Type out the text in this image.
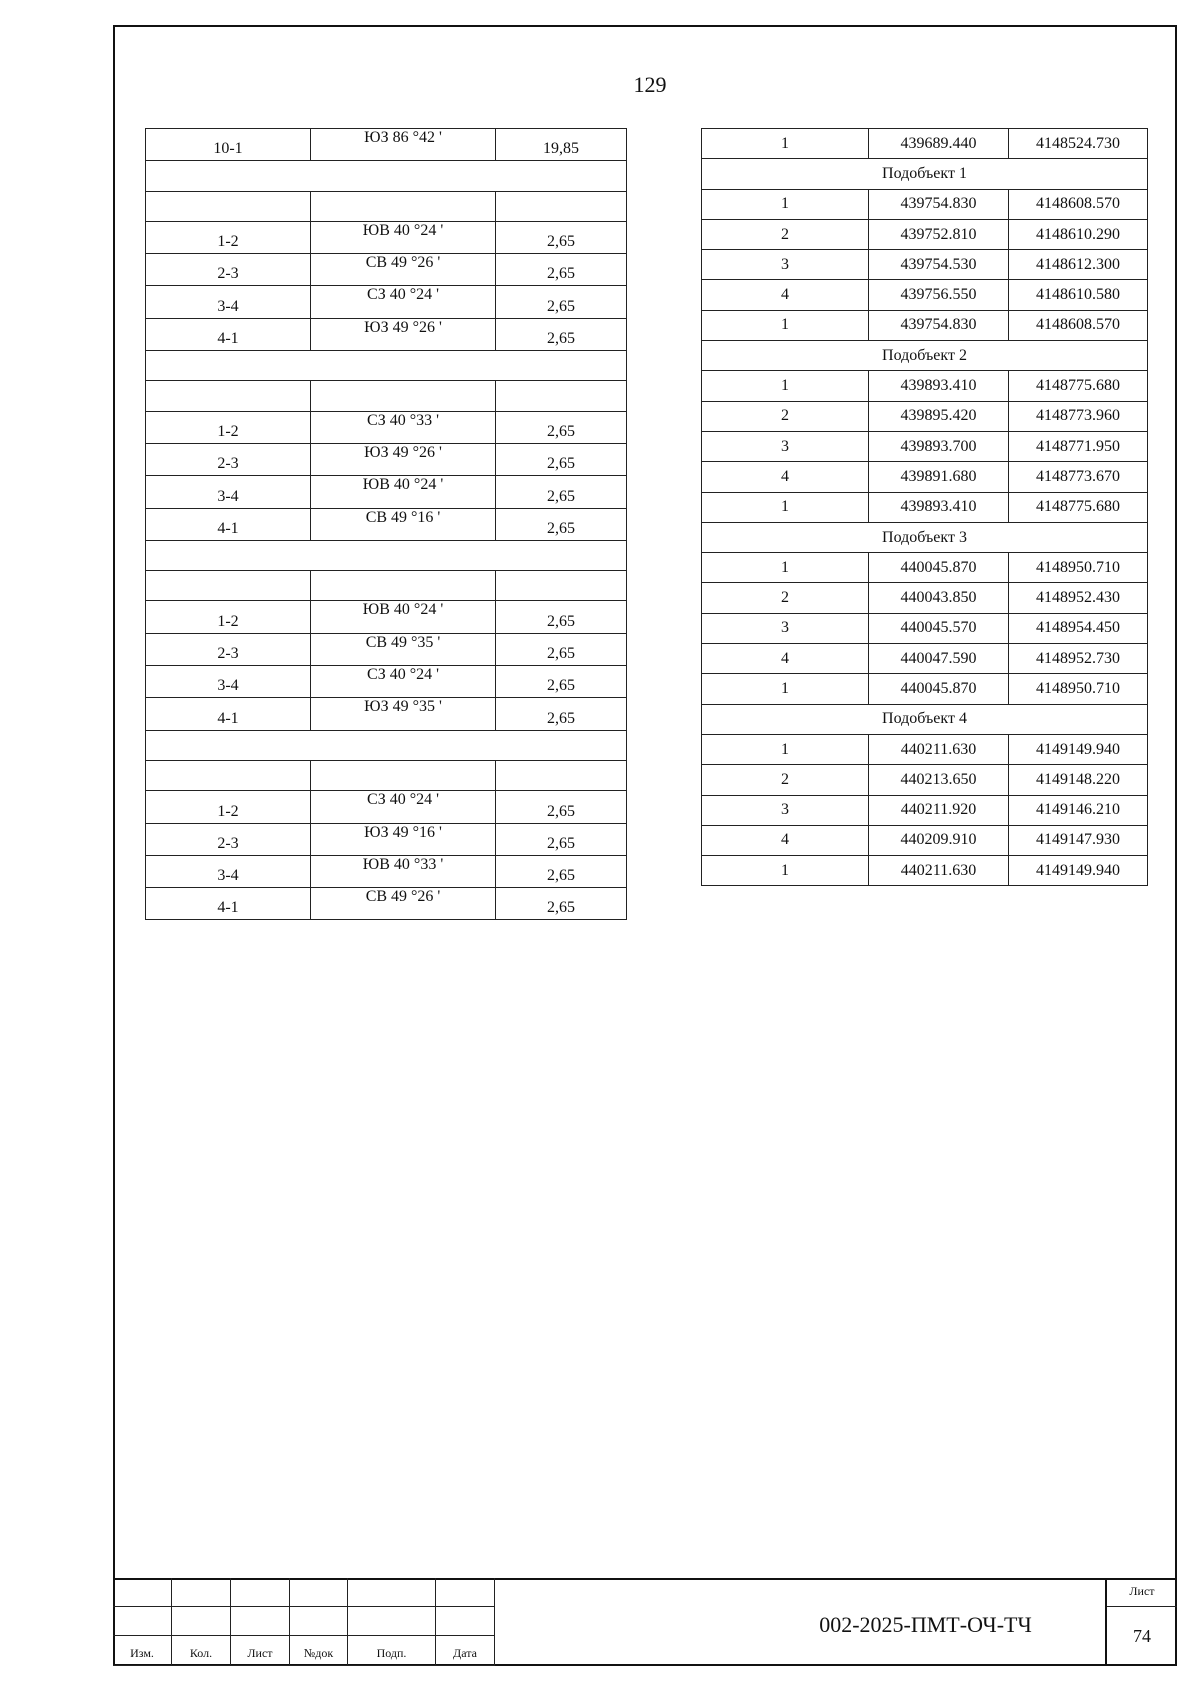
129
10-1	ЮЗ 86 °42 '	19,85

1-2	ЮВ 40 °24 '	2,65
2-3	СВ 49 °26 '	2,65
3-4	СЗ 40 °24 '	2,65
4-1	ЮЗ 49 °26 '	2,65

1-2	СЗ 40 °33 '	2,65
2-3	ЮЗ 49 °26 '	2,65
3-4	ЮВ 40 °24 '	2,65
4-1	СВ 49 °16 '	2,65

1-2	ЮВ 40 °24 '	2,65
2-3	СВ 49 °35 '	2,65
3-4	СЗ 40 °24 '	2,65
4-1	ЮЗ 49 °35 '	2,65

1-2	СЗ 40 °24 '	2,65
2-3	ЮЗ 49 °16 '	2,65
3-4	ЮВ 40 °33 '	2,65
4-1	СВ 49 °26 '	2,65
1	439689.440	4148524.730
Подобъект 1		
1	439754.830	4148608.570
2	439752.810	4148610.290
3	439754.530	4148612.300
4	439756.550	4148610.580
1	439754.830	4148608.570
Подобъект 2		
1	439893.410	4148775.680
2	439895.420	4148773.960
3	439893.700	4148771.950
4	439891.680	4148773.670
1	439893.410	4148775.680
Подобъект 3		
1	440045.870	4148950.710
2	440043.850	4148952.430
3	440045.570	4148954.450
4	440047.590	4148952.730
1	440045.870	4148950.710
Подобъект 4		
1	440211.630	4149149.940
2	440213.650	4149148.220
3	440211.920	4149146.210
4	440209.910	4149147.930
1	440211.630	4149149.940
Изм.	Кол.	Лист	№док	Подп.	Дата
002-2025-ПМТ-ОЧ-ТЧ
Лист
74
